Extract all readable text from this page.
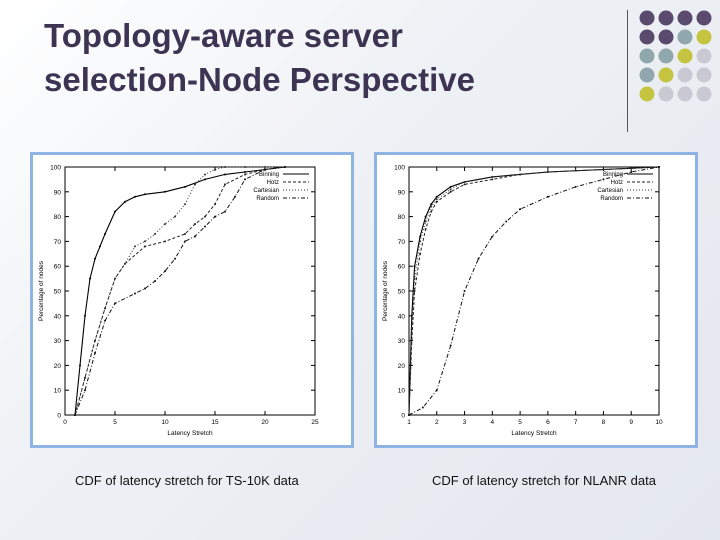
Topology-aware server
selection-Node Perspective
0
10
20
30
40
50
60
70
80
90
100
0	5	10	15	20	25
Latency Stretch
Percentage of nodes
Binning
Hotz
Cartesian
Random
0
10
20
30
40
50
60
70
80
90
100
1	2	3	4	5	6	7	8	9	10
Latency Stretch
Percentage of nodes
Binning
Hotz
Cartesian
Random
CDF of latency stretch for TS-10K data	CDF of latency stretch for NLANR data
